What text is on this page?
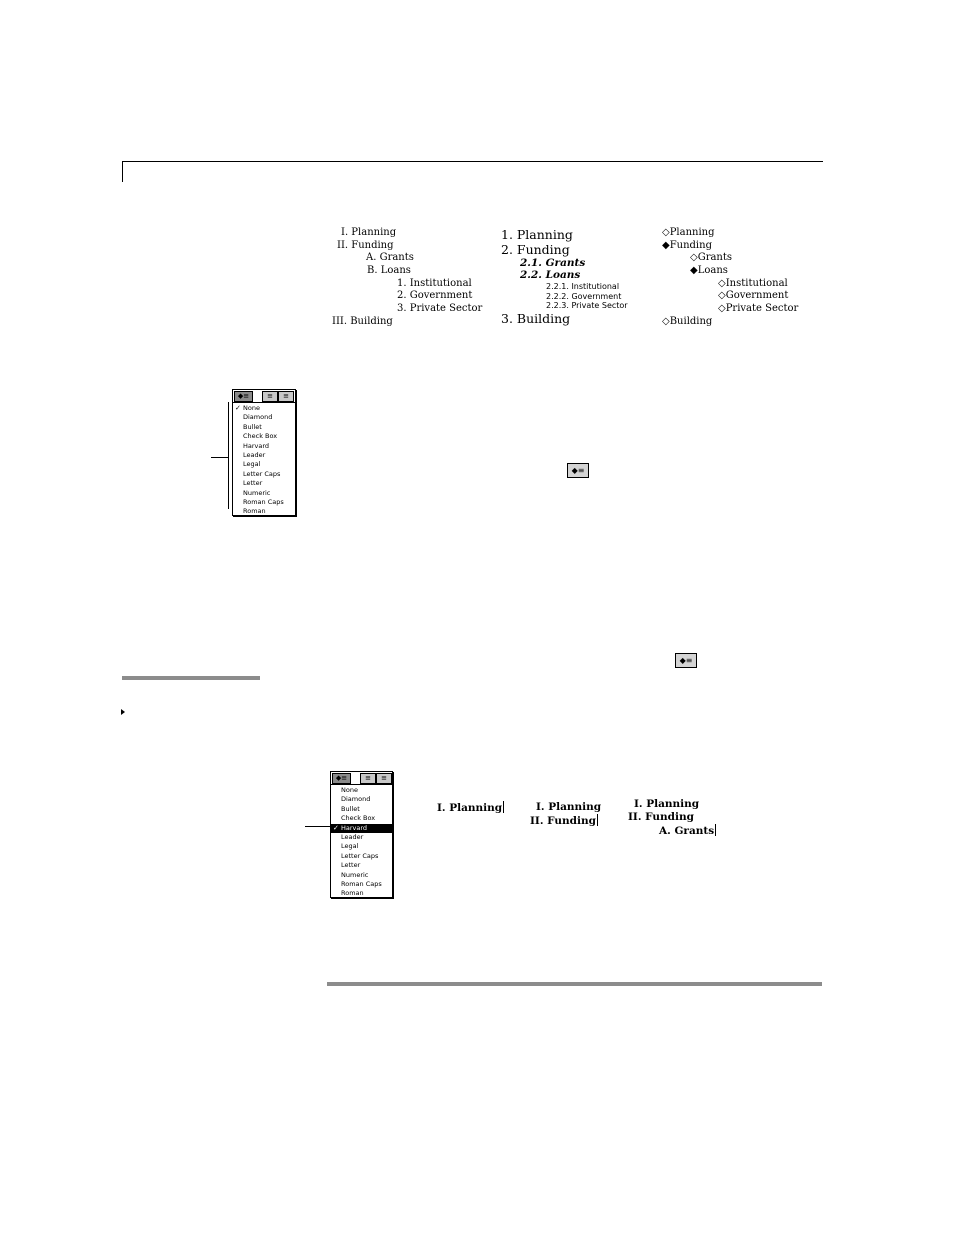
I. Planning
II. Funding
A. Grants
B. Loans
1. Institutional
2. Government
3. Private Sector
III. Building
1. Planning
2. Funding
2.1. Grants
2.2. Loans
2.2.1. Institutional
2.2.2. Government
2.2.3. Private Sector
3. Building
◇Planning
◆Funding
◇Grants
◆Loans
◇Institutional
◇Government
◇Private Sector
◇Building
◆≡	≡	≡
✓ None
Diamond
Bullet
Check Box
Harvard
Leader
Legal
Letter Caps
Letter
Numeric
Roman Caps
Roman
◆≡
◆≡
◆≡	≡	≡
None
Diamond
Bullet
Check Box
✓ Harvard
Leader
Legal
Letter Caps
Letter
Numeric
Roman Caps
Roman
I. Planning	I. Planning
II. Funding
I. Planning
II. Funding
A. Grants
